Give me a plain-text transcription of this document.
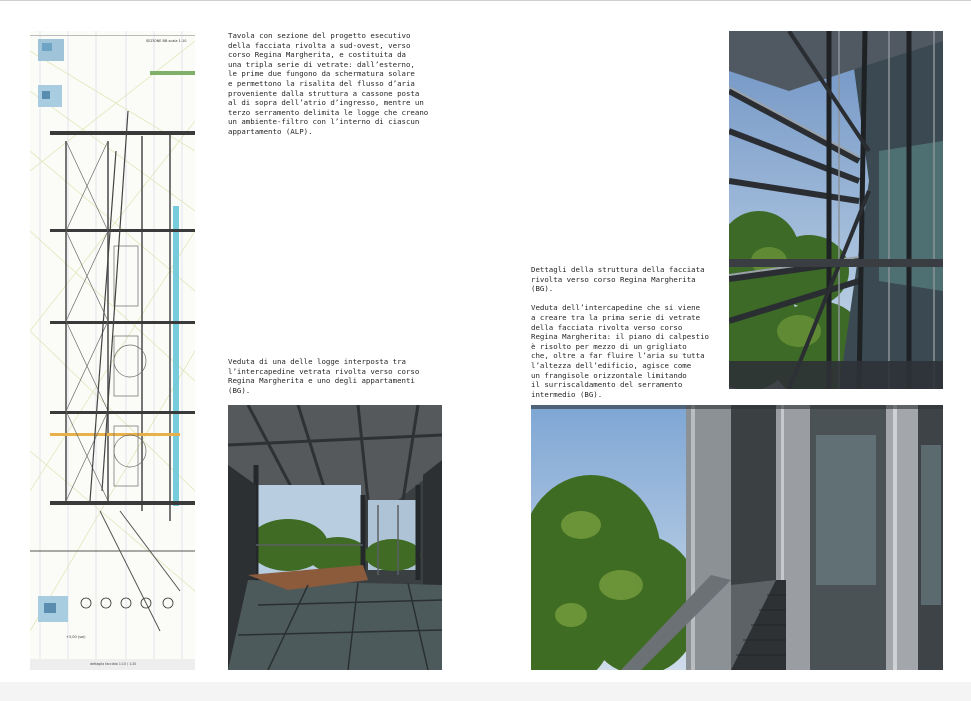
SEZIONE BB scala 1:10
+3,00 (sol)
dettaglio facciata 1:10 / 1:20
Tavola con sezione del progetto esecutivo
della facciata rivolta a sud-ovest, verso
corso Regina Margherita, e costituita da
una tripla serie di vetrate: dall’esterno,
le prime due fungono da schermatura solare
e permettono la risalita del flusso d’aria
proveniente dalla struttura a cassone posta
al di sopra dell’atrio d’ingresso, mentre un
terzo serramento delimita le logge che creano
un ambiente-filtro con l’interno di ciascun
appartamento (ALP).
Veduta di una delle logge interposta tra
l’intercapedine vetrata rivolta verso corso
Regina Margherita e uno degli appartamenti
(BG).
Dettagli della struttura della facciata
rivolta verso corso Regina Margherita
(BG).

Veduta dell’intercapedine che si viene
a creare tra la prima serie di vetrate
della facciata rivolta verso corso
Regina Margherita: il piano di calpestio
è risolto per mezzo di un grigliato
che, oltre a far fluire l’aria su tutta
l’altezza dell’edificio, agisce come
un frangisole orizzontale limitando
il surriscaldamento del serramento
intermedio (BG).
